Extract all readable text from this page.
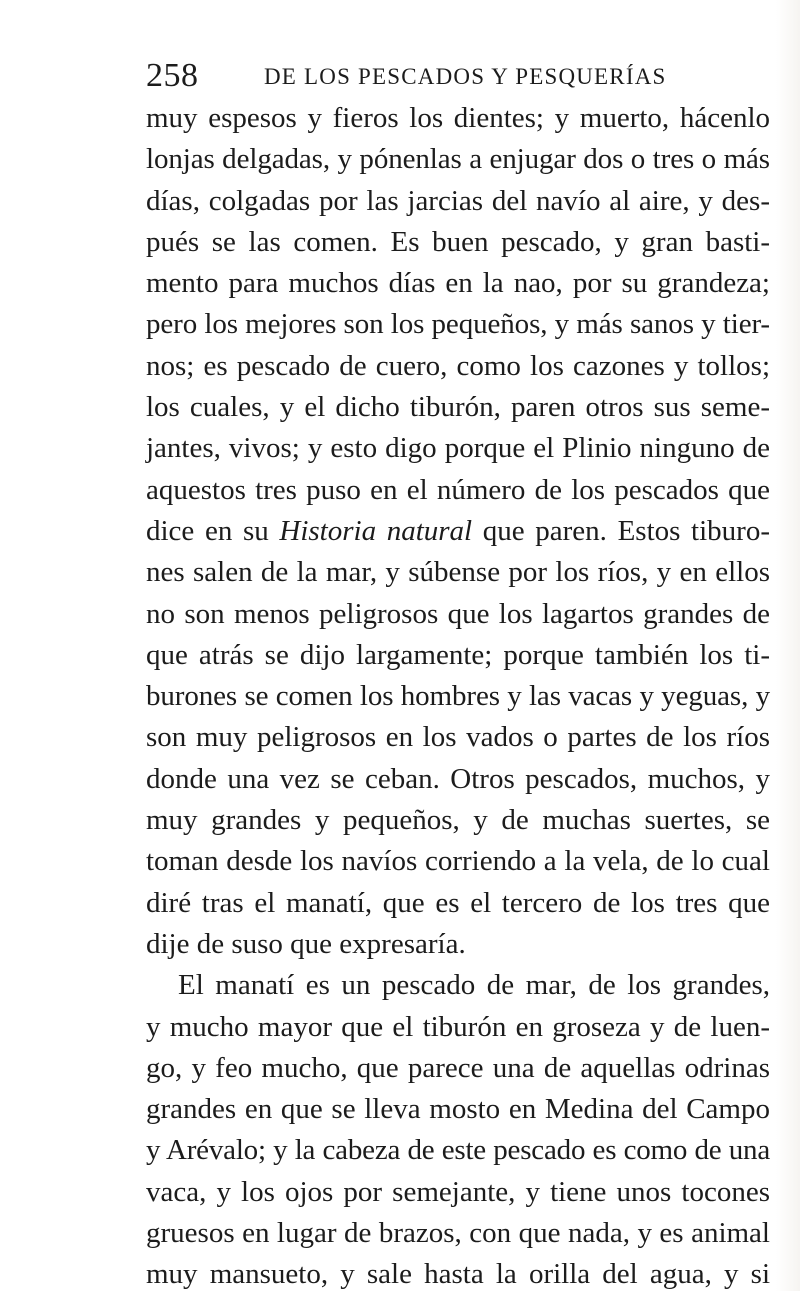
258	DE LOS PESCADOS Y PESQUERÍAS
muy espesos y fieros los dientes; y muerto, hácenlo
lonjas delgadas, y pónenlas a enjugar dos o tres o más
días, colgadas por las jarcias del navío al aire, y des-
pués se las comen. Es buen pescado, y gran basti-
mento para muchos días en la nao, por su grandeza;
pero los mejores son los pequeños, y más sanos y tier-
nos; es pescado de cuero, como los cazones y tollos;
los cuales, y el dicho tiburón, paren otros sus seme-
jantes, vivos; y esto digo porque el Plinio ninguno de
aquestos tres puso en el número de los pescados que
dice en su Historia natural que paren. Estos tiburo-
nes salen de la mar, y súbense por los ríos, y en ellos
no son menos peligrosos que los lagartos grandes de
que atrás se dijo largamente; porque también los ti-
burones se comen los hombres y las vacas y yeguas, y
son muy peligrosos en los vados o partes de los ríos
donde una vez se ceban. Otros pescados, muchos, y
muy grandes y pequeños, y de muchas suertes, se
toman desde los navíos corriendo a la vela, de lo cual
diré tras el manatí, que es el tercero de los tres que
dije de suso que expresaría.
El manatí es un pescado de mar, de los grandes,
y mucho mayor que el tiburón en groseza y de luen-
go, y feo mucho, que parece una de aquellas odrinas
grandes en que se lleva mosto en Medina del Campo
y Arévalo; y la cabeza de este pescado es como de una
vaca, y los ojos por semejante, y tiene unos tocones
gruesos en lugar de brazos, con que nada, y es animal
muy mansueto, y sale hasta la orilla del agua, y si
